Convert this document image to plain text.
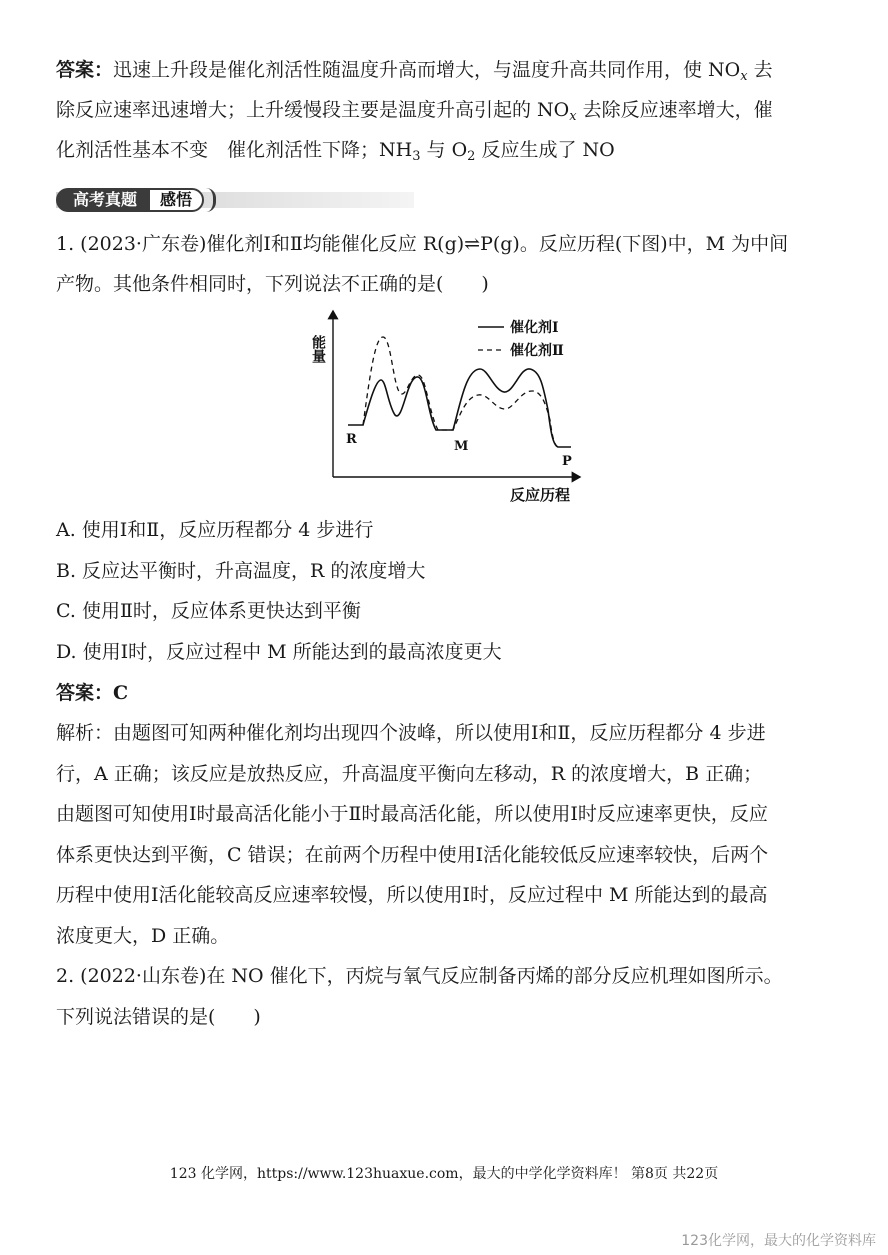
答案：迅速上升段是催化剂活性随温度升高而增大，与温度升高共同作用，使 $NO_x$ 去
除反应速率迅速增大；上升缓慢段主要是温度升高引起的 $NO_x$ 去除反应速率增大，催
化剂活性基本不变　催化剂活性下降；$NH_3$ 与 $O_2$ 反应生成了 NO
高考真题	感悟
1. (2023·广东卷)催化剂Ⅰ和Ⅱ均能催化反应 R(g)⇌P(g)。反应历程(下图)中，M 为中间
产物。其他条件相同时，下列说法不正确的是(　　)
能量
反应历程
R	M
P
催化剂Ⅰ
催化剂Ⅱ
A. 使用Ⅰ和Ⅱ，反应历程都分 4 步进行
B. 反应达平衡时，升高温度，R 的浓度增大
C. 使用Ⅱ时，反应体系更快达到平衡
D. 使用Ⅰ时，反应过程中 M 所能达到的最高浓度更大
答案：C
解析：由题图可知两种催化剂均出现四个波峰，所以使用Ⅰ和Ⅱ，反应历程都分 4 步进
行，A 正确；该反应是放热反应，升高温度平衡向左移动，R 的浓度增大，B 正确；
由题图可知使用Ⅰ时最高活化能小于Ⅱ时最高活化能，所以使用Ⅰ时反应速率更快，反应
体系更快达到平衡，C 错误；在前两个历程中使用Ⅰ活化能较低反应速率较快，后两个
历程中使用Ⅰ活化能较高反应速率较慢，所以使用Ⅰ时，反应过程中 M 所能达到的最高
浓度更大，D 正确。
2. (2022·山东卷)在 NO 催化下，丙烷与氧气反应制备丙烯的部分反应机理如图所示。
下列说法错误的是(　　)
123 化学网，https://www.123huaxue.com，最大的中学化学资料库！ 第8页 共22页
123化学网，最大的化学资料库
